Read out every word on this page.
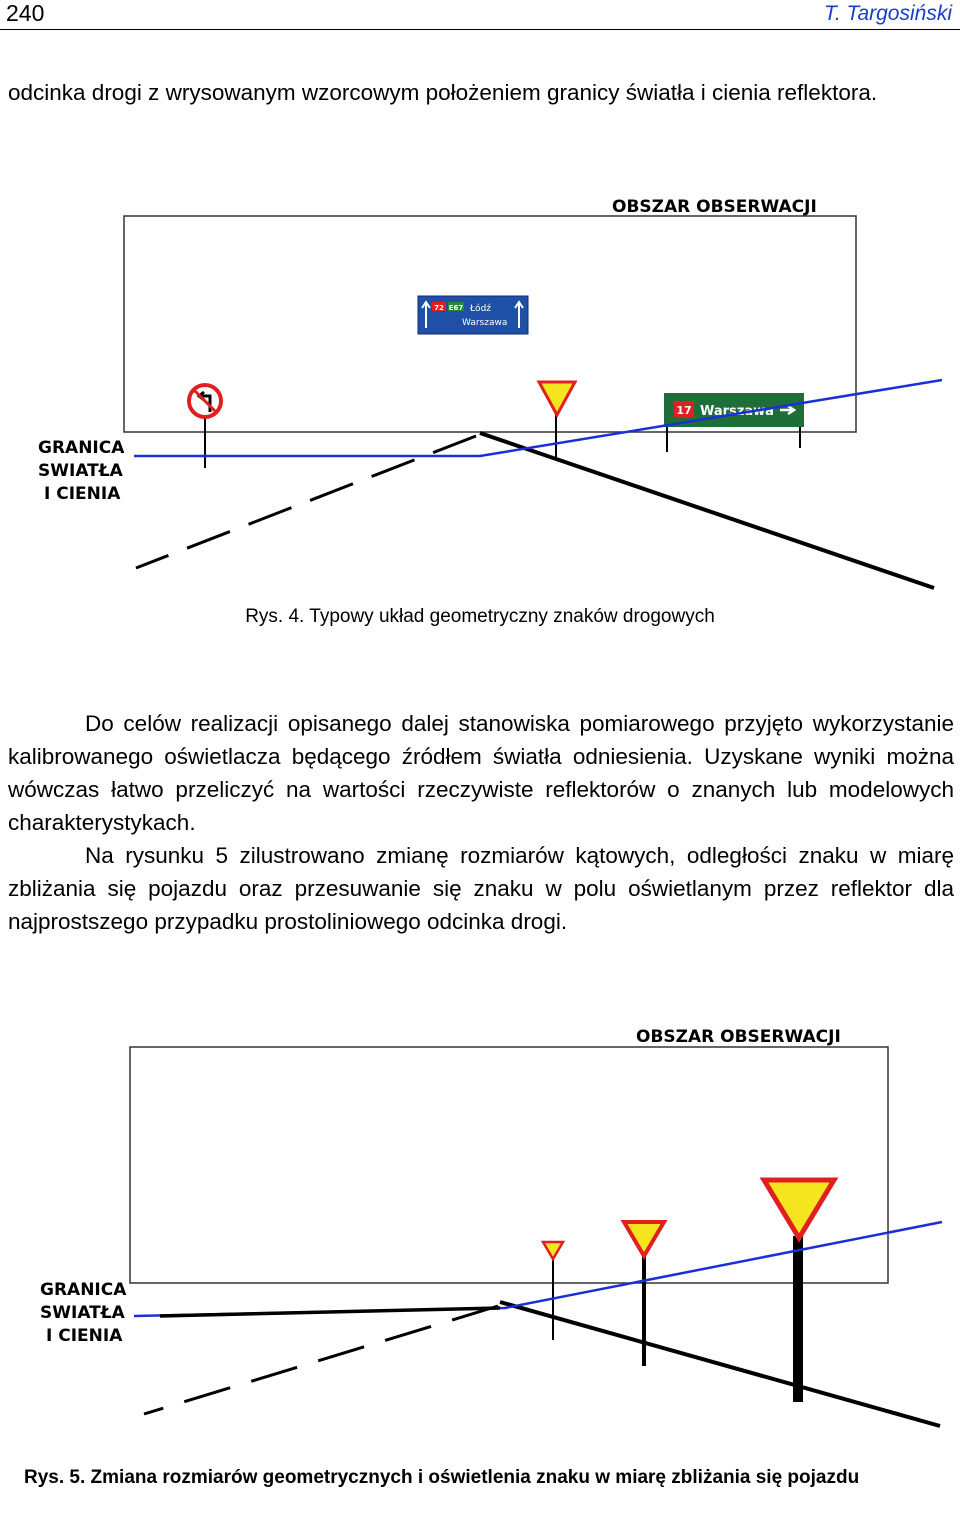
240	T. Targosiński
odcinka drogi z wrysowanym wzorcowym położeniem granicy światła i cienia reflektora.
OBSZAR OBSERWACJI
72 E67 Łódź
Warszawa
17 Warszawa
GRANICA SWIATŁA I CIENIA
Rys. 4. Typowy układ geometryczny znaków drogowych

Do celów realizacji opisanego dalej stanowiska pomiarowego przyjęto wykorzystanie kalibrowanego oświetlacza będącego źródłem światła odniesienia. Uzyskane wyniki można wówczas łatwo przeliczyć na wartości rzeczywiste reflektorów o znanych lub modelowych charakterystykach.

Na rysunku 5 zilustrowano zmianę rozmiarów kątowych, odległości znaku w miarę zbliżania się pojazdu oraz przesuwanie się znaku w polu oświetlanym przez reflektor dla najprostszego przypadku prostoliniowego odcinka drogi.

OBSZAR OBSERWACJI
GRANICA SWIATŁA I CIENIA
Rys. 5. Zmiana rozmiarów geometrycznych i oświetlenia znaku w miarę zbliżania się pojazdu
